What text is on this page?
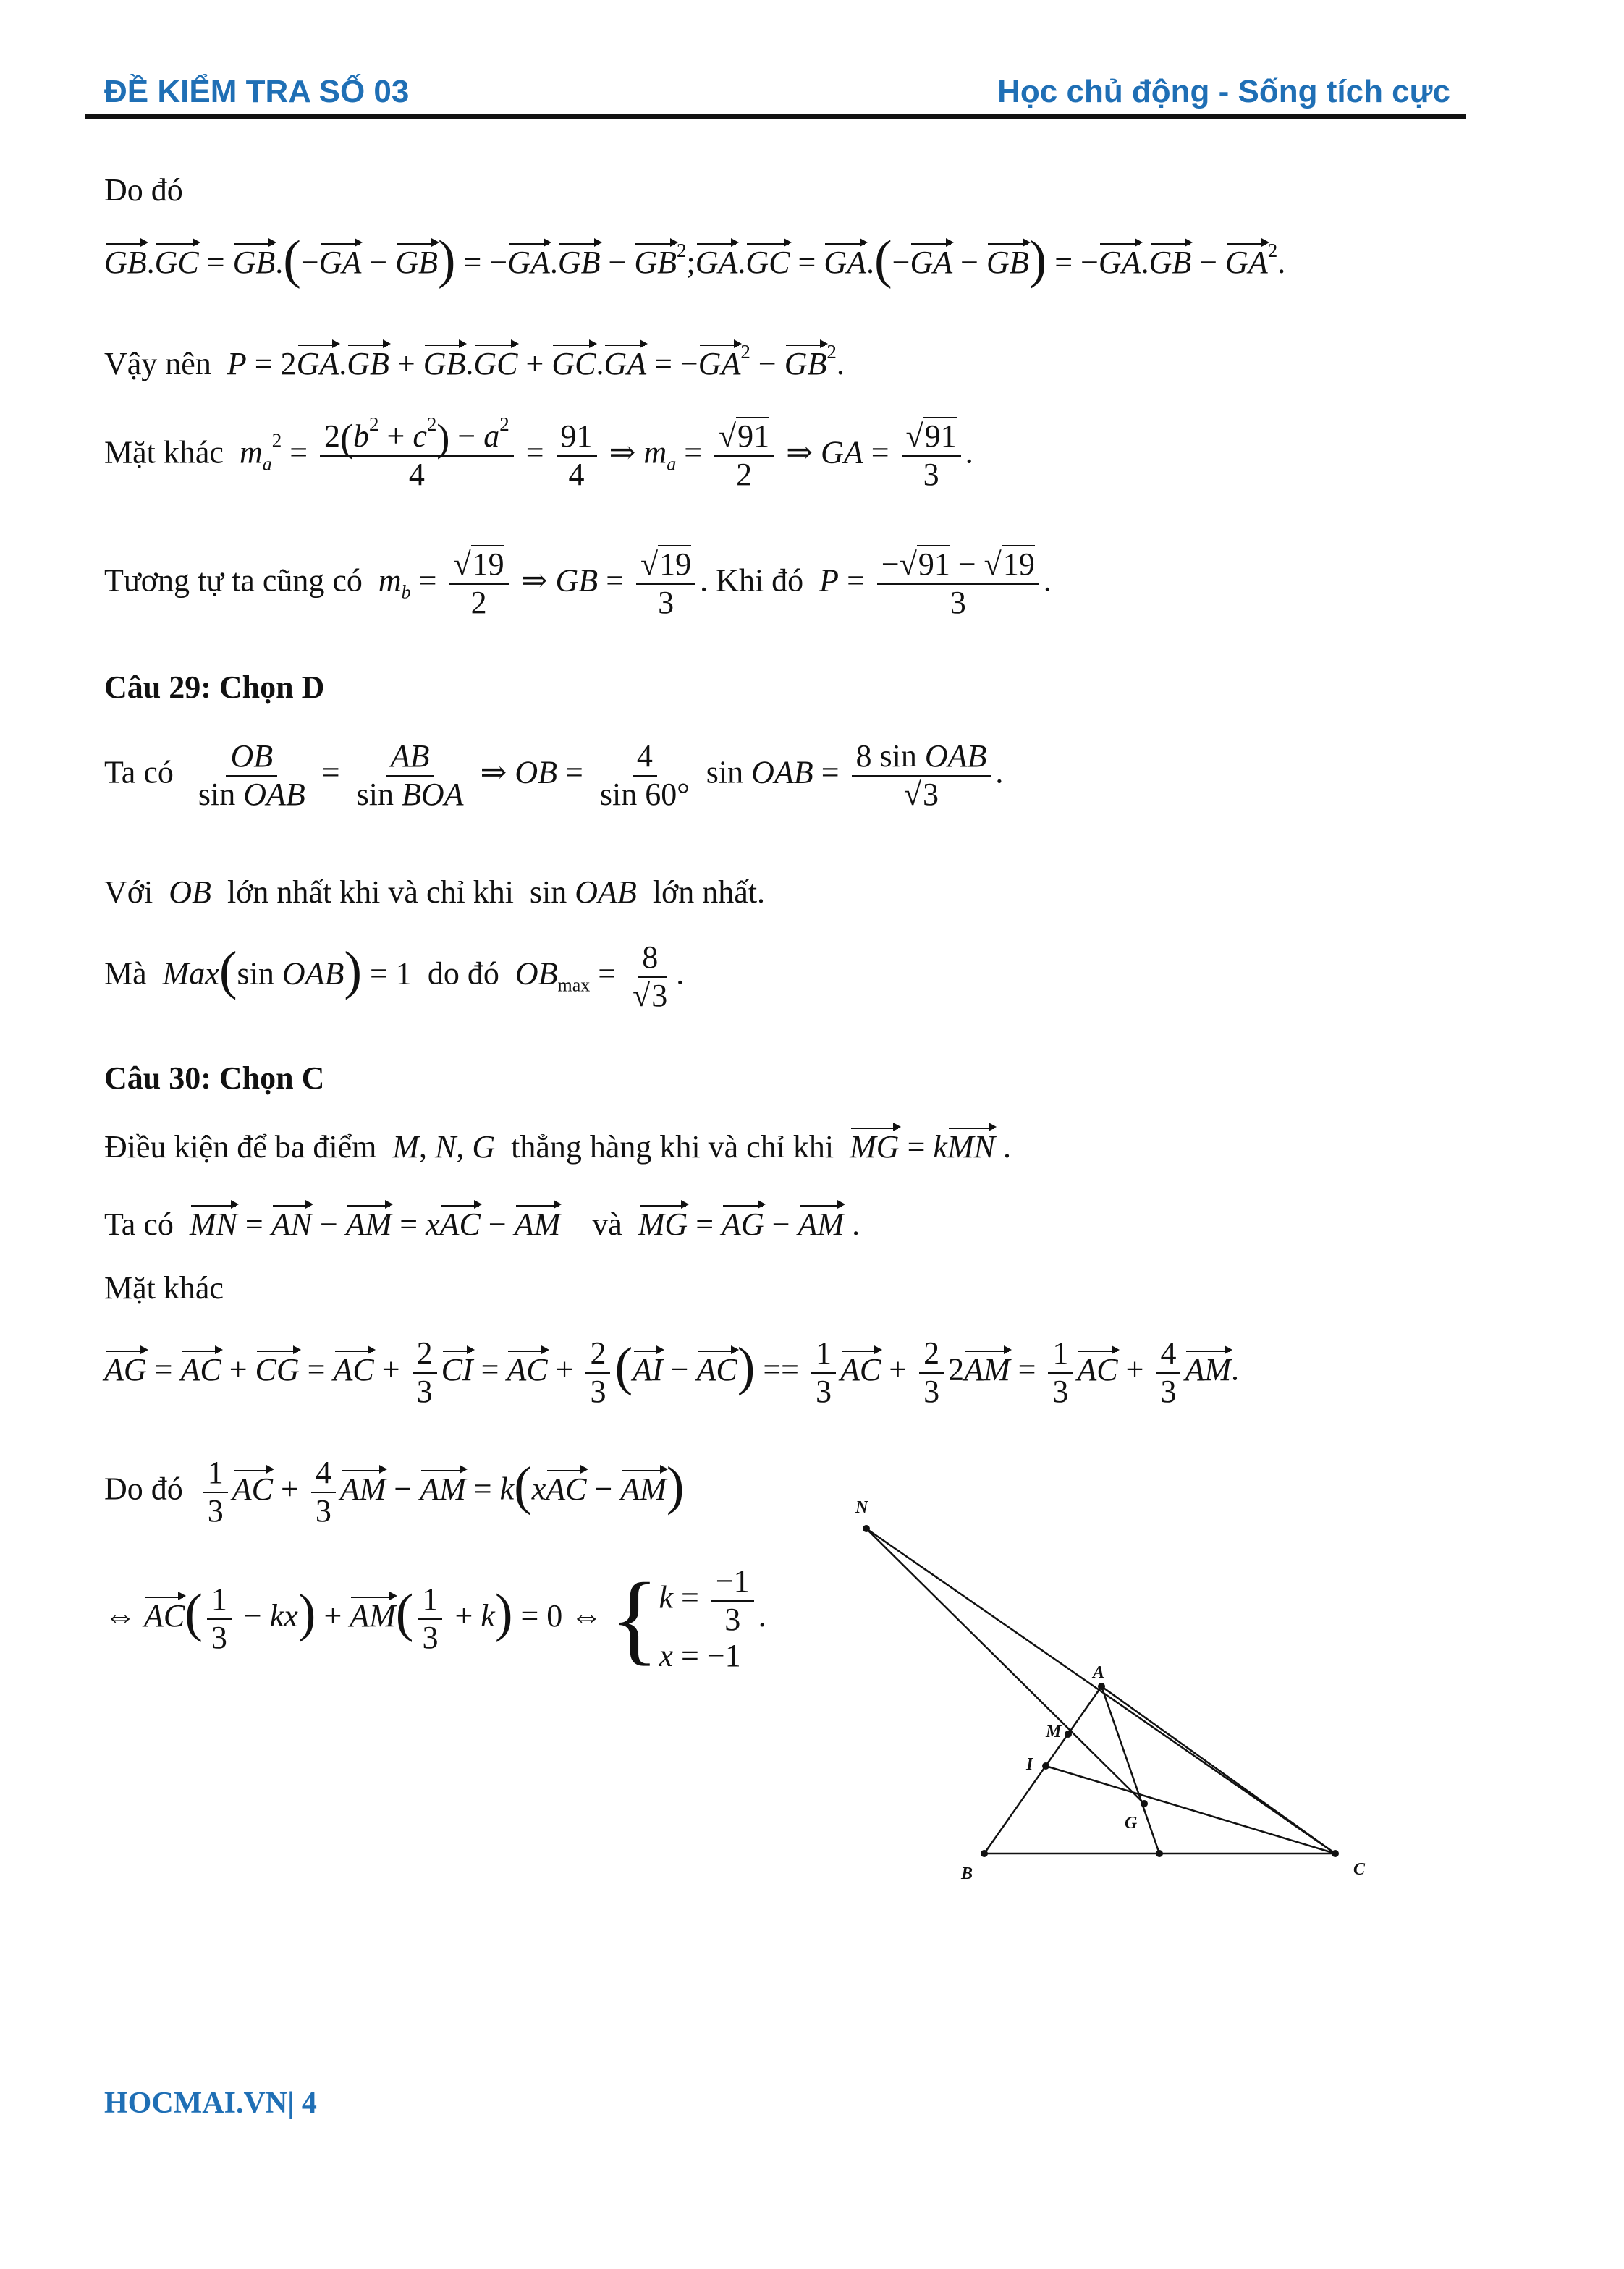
ĐỀ KIỂM TRA SỐ 03	Học chủ động - Sống tích cực
Do đó
$GB.GC = GB.(-GA - GB) = -GA.GB - GB^2;GA.GC = GA.(-GA - GB) = -GA.GB - GA^2$.
Vậy nên $P = 2GA.GB + GB.GC + GC.GA = -GA^2 - GB^2$.
Mặt khác $m_a^2 = \frac{2(b^2 + c^2) - a^2}{4} = \frac{91}{4}$ ⇒ $m_a = \frac{√91}{2}$ ⇒ GA = $\frac{√91}{3}$ .
Tương tự ta cũng có $m_b = \frac{√19}{2}$ ⇒ GB = $\frac{√19}{3}$ . Khi đó $P = \frac{-√91 - √19}{3}$ .
Câu 29: Chọn D
Ta có $\frac{OB}{\text{sin OAB}} = \frac{AB}{\text{sin BOA}}$ ⇒ OB = $\frac{4}{\sin 60^\circ}$ sin OAB = $\frac{\text{8 sin OAB}}{√3}$ .
Với OB lớn nhất khi và chỉ khi  sin OAB lớn nhất.
Mà Max(sin OAB) = 1  do đó $OB_{max} = \frac{8}{√3}$ .
Câu 30: Chọn C
Điều kiện để ba điểm M, N, G thẳng hàng khi và chỉ khi MG = kMN .
Ta có MN = AN − AM = xAC − AM và MG = AG − AM .
Mặt khác
AG = AC + CG = AC + $\frac{2}{3}$ CI = AC + $\frac{2}{3} (AI - AC) == \frac{1}{3}$ AC + $\frac{2}{3} 2AM = \frac{1}{3}$ AC + $\frac{4}{3}$ AM.
Do đó $\frac{1}{3}$ AC + $\frac{4}{3}$ AM − AM = k(xAC − AM)
⇔ $AC( \frac{1}{3} - kx) + AM( \frac{1}{3} + k) = 0$ ⇔ { $k = \frac{-1}{3}$
x = −1
.
N
A
M
I
G
B	C
HOCMAI.VN| 4
